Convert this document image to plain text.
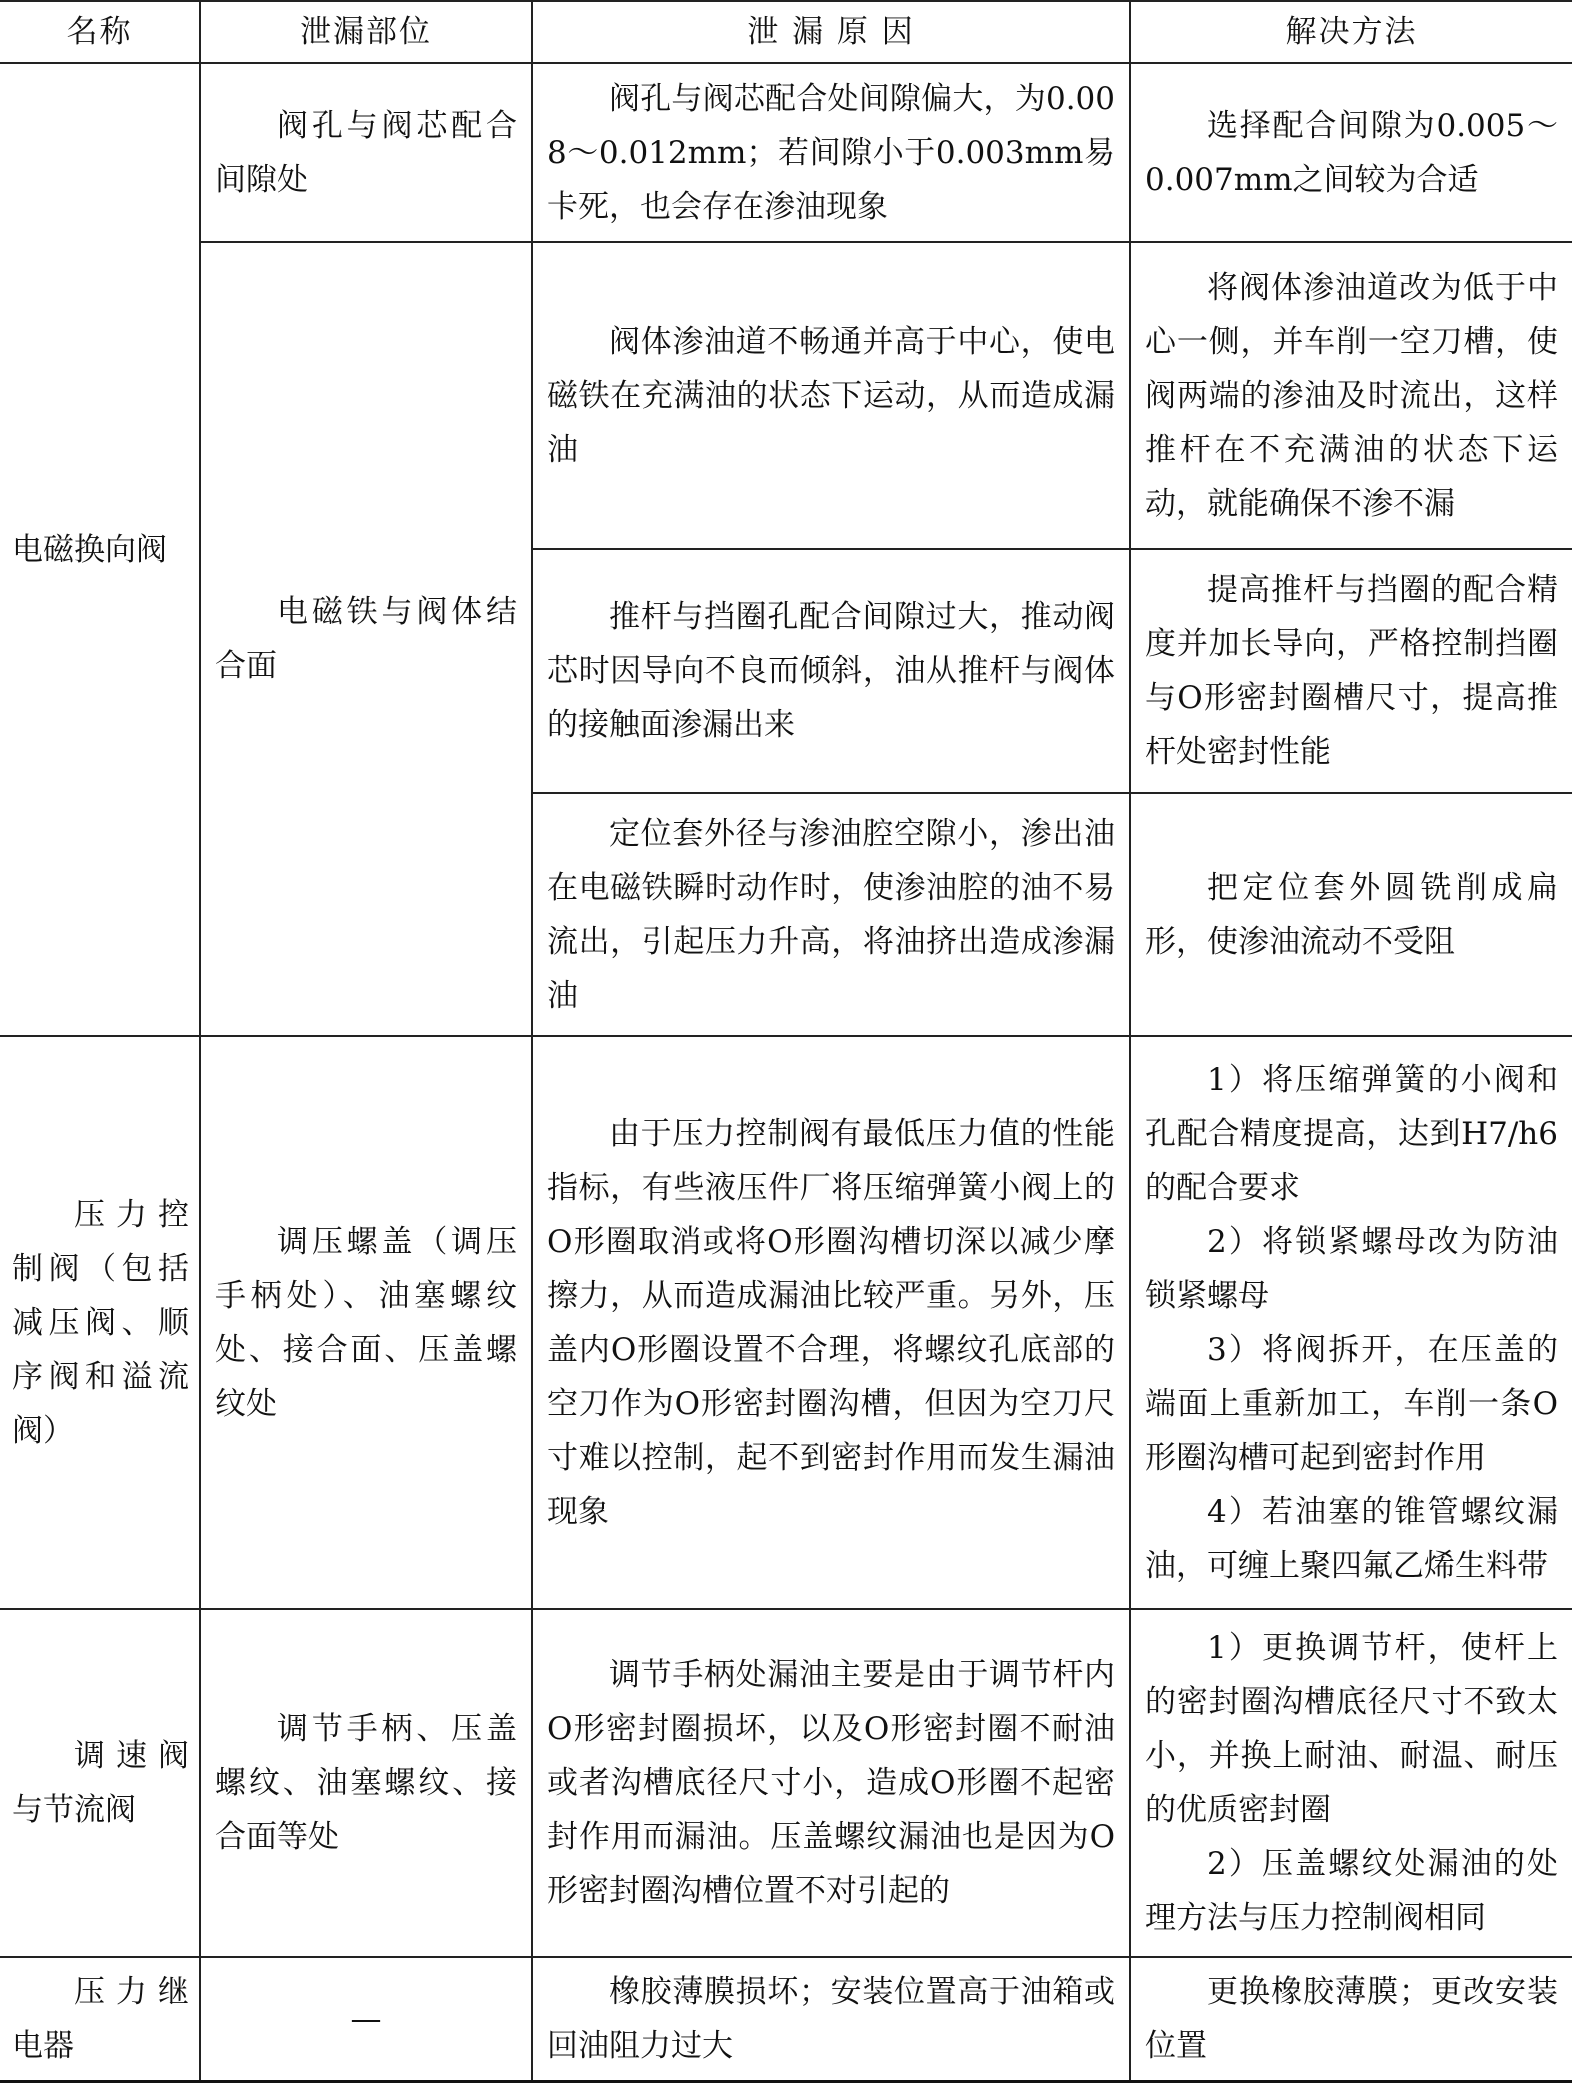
名称	泄漏部位	泄 漏 原 因	解决方法
电磁换向阀	阀孔与阀芯配合间隙处	阀孔与阀芯配合处间隙偏大，为0.008～0.012mm；若间隙小于0.003mm易卡死，也会存在渗油现象	选择配合间隙为0.005～0.007mm之间较为合适
	电磁铁与阀体结合面	阀体渗油道不畅通并高于中心，使电磁铁在充满油的状态下运动，从而造成漏油	将阀体渗油道改为低于中心一侧，并车削一空刀槽，使阀两端的渗油及时流出，这样推杆在不充满油的状态下运动，就能确保不渗不漏
		推杆与挡圈孔配合间隙过大，推动阀芯时因导向不良而倾斜，油从推杆与阀体的接触面渗漏出来	提高推杆与挡圈的配合精度并加长导向，严格控制挡圈与O形密封圈槽尺寸，提高推杆处密封性能
		定位套外径与渗油腔空隙小，渗出油在电磁铁瞬时动作时，使渗油腔的油不易流出，引起压力升高，将油挤出造成渗漏油	把定位套外圆铣削成扁形，使渗油流动不受阻
压力控制阀（包括减压阀、顺序阀和溢流阀）	调压螺盖（调压手柄处）、油塞螺纹处、接合面、压盖螺纹处	由于压力控制阀有最低压力值的性能指标，有些液压件厂将压缩弹簧小阀上的O形圈取消或将O形圈沟槽切深以减少摩擦力，从而造成漏油比较严重。另外，压盖内O形圈设置不合理，将螺纹孔底部的空刀作为O形密封圈沟槽，但因为空刀尺寸难以控制，起不到密封作用而发生漏油现象	1）将压缩弹簧的小阀和孔配合精度提高，达到H7/h6的配合要求
2）将锁紧螺母改为防油锁紧螺母
3）将阀拆开，在压盖的端面上重新加工，车削一条O形圈沟槽可起到密封作用
4）若油塞的锥管螺纹漏油，可缠上聚四氟乙烯生料带

调速阀与节流阀	调节手柄、压盖螺纹、油塞螺纹、接合面等处	调节手柄处漏油主要是由于调节杆内O形密封圈损坏，以及O形密封圈不耐油或者沟槽底径尺寸小，造成O形圈不起密封作用而漏油。压盖螺纹漏油也是因为O形密封圈沟槽位置不对引起的	1）更换调节杆，使杆上的密封圈沟槽底径尺寸不致太小，并换上耐油、耐温、耐压的优质密封圈
2）压盖螺纹处漏油的处理方法与压力控制阀相同

压力继电器	—	橡胶薄膜损坏；安装位置高于油箱或回油阻力过大	更换橡胶薄膜；更改安装位置
